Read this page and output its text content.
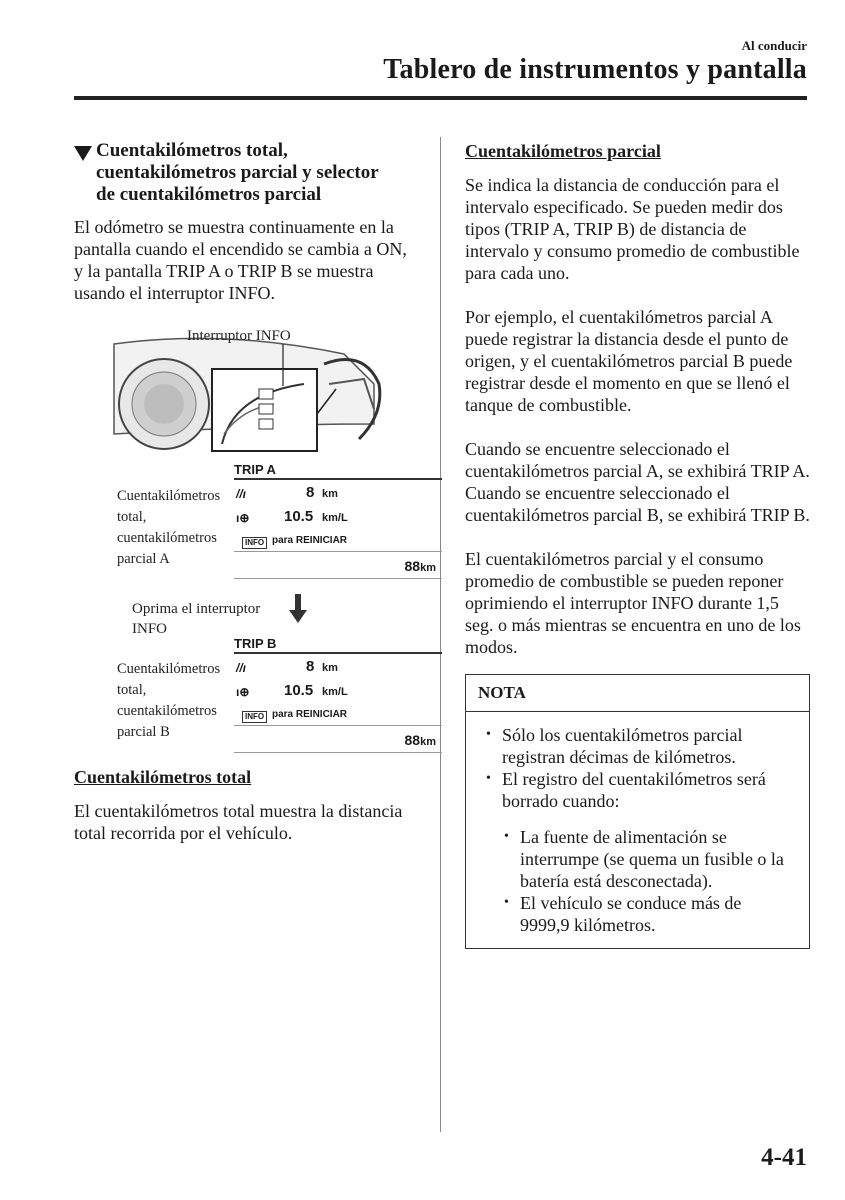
Al conducir
Tablero de instrumentos y pantalla
Cuentakilómetros total,
cuentakilómetros parcial y selector
de cuentakilómetros parcial

El odómetro se muestra continuamente en la pantalla cuando el encendido se cambia a ON, y la pantalla TRIP A o TRIP B se muestra usando el interruptor INFO.

Interruptor INFO
Cuentakilómetros
total,
cuentakilómetros
parcial A
TRIP A
//ı	8 km
ı⊕ 10.5 km/L
INFO para REINICIAR
88km
Oprima el interruptor
INFO
Cuentakilómetros
total,
cuentakilómetros
parcial B
TRIP B
//ı	8 km
ı⊕ 10.5 km/L
INFO para REINICIAR
88km
Cuentakilómetros total

El cuentakilómetros total muestra la distancia total recorrida por el vehículo.

Cuentakilómetros parcial

Se indica la distancia de conducción para el intervalo especificado. Se pueden medir dos tipos (TRIP A, TRIP B) de distancia de intervalo y consumo promedio de combustible para cada uno.

Por ejemplo, el cuentakilómetros parcial A puede registrar la distancia desde el punto de origen, y el cuentakilómetros parcial B puede registrar desde el momento en que se llenó el tanque de combustible.

Cuando se encuentre seleccionado el cuentakilómetros parcial A, se exhibirá TRIP A. Cuando se encuentre seleccionado el cuentakilómetros parcial B, se exhibirá TRIP B.

El cuentakilómetros parcial y el consumo promedio de combustible se pueden reponer oprimiendo el interruptor INFO durante 1,5 seg. o más mientras se encuentra en uno de los modos.

NOTA
• Sólo los cuentakilómetros parcial registran décimas de kilómetros.
• El registro del cuentakilómetros será borrado cuando:
• La fuente de alimentación se interrumpe (se quema un fusible o la batería está desconectada).
• El vehículo se conduce más de 9999,9 kilómetros.
4-41
